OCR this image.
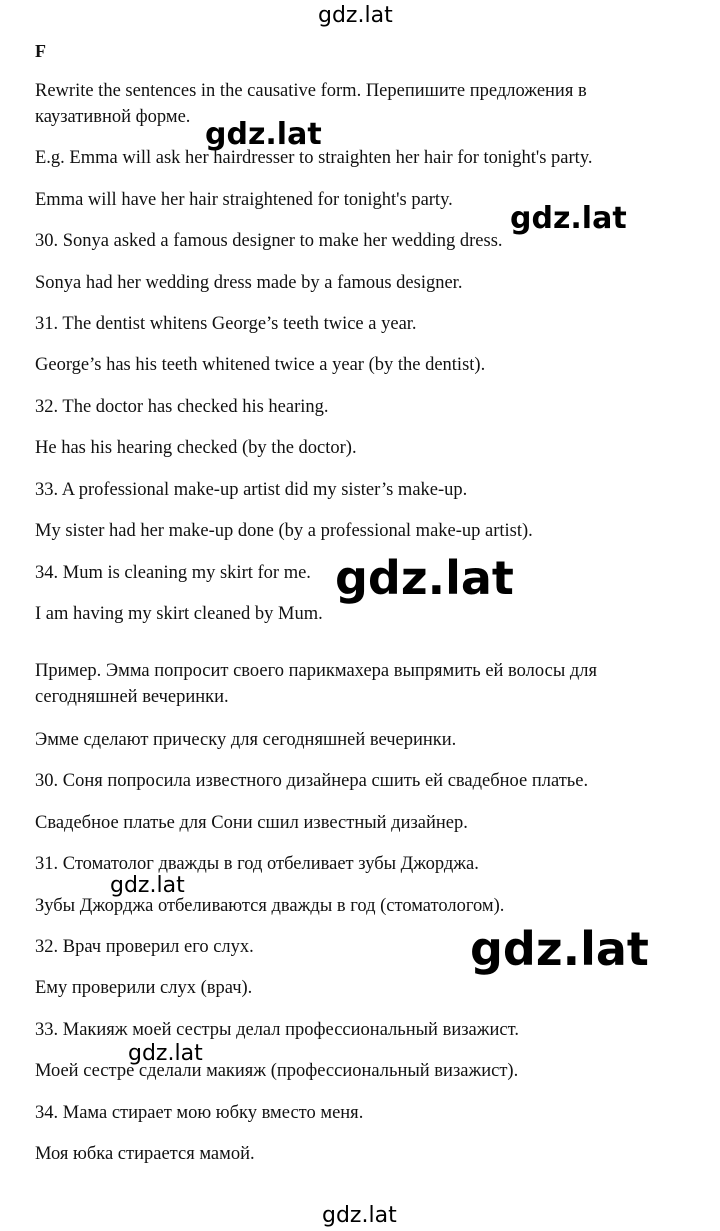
gdz.lat
gdz.lat
gdz.lat
gdz.lat
gdz.lat
gdz.lat
gdz.lat
gdz.lat
F
Rewrite the sentences in the causative form. Перепишите предложения в
каузативной форме.
E.g. Emma will ask her hairdresser to straighten her hair for tonight's party.
Emma will have her hair straightened for tonight's party.
30. Sonya asked a famous designer to make her wedding dress.
Sonya had her wedding dress made by a famous designer.
31. The dentist whitens George’s teeth twice a year.
George’s has his teeth whitened twice a year (by the dentist).
32. The doctor has checked his hearing.
He has his hearing checked (by the doctor).
33. A professional make-up artist did my sister’s make-up.
My sister had her make-up done (by a professional make-up artist).
34. Mum is cleaning my skirt for me.
I am having my skirt cleaned by Mum.
Пример. Эмма попросит своего парикмахера выпрямить ей волосы для
сегодняшней вечеринки.
Эмме сделают прическу для сегодняшней вечеринки.
30. Соня попросила известного дизайнера сшить ей свадебное платье.
Свадебное платье для Сони сшил известный дизайнер.
31. Стоматолог дважды в год отбеливает зубы Джорджа.
Зубы Джорджа отбеливаются дважды в год (стоматологом).
32. Врач проверил его слух.
Ему проверили слух (врач).
33. Макияж моей сестры делал профессиональный визажист.
Моей сестре сделали макияж (профессиональный визажист).
34. Мама стирает мою юбку вместо меня.
Моя юбка стирается мамой.
